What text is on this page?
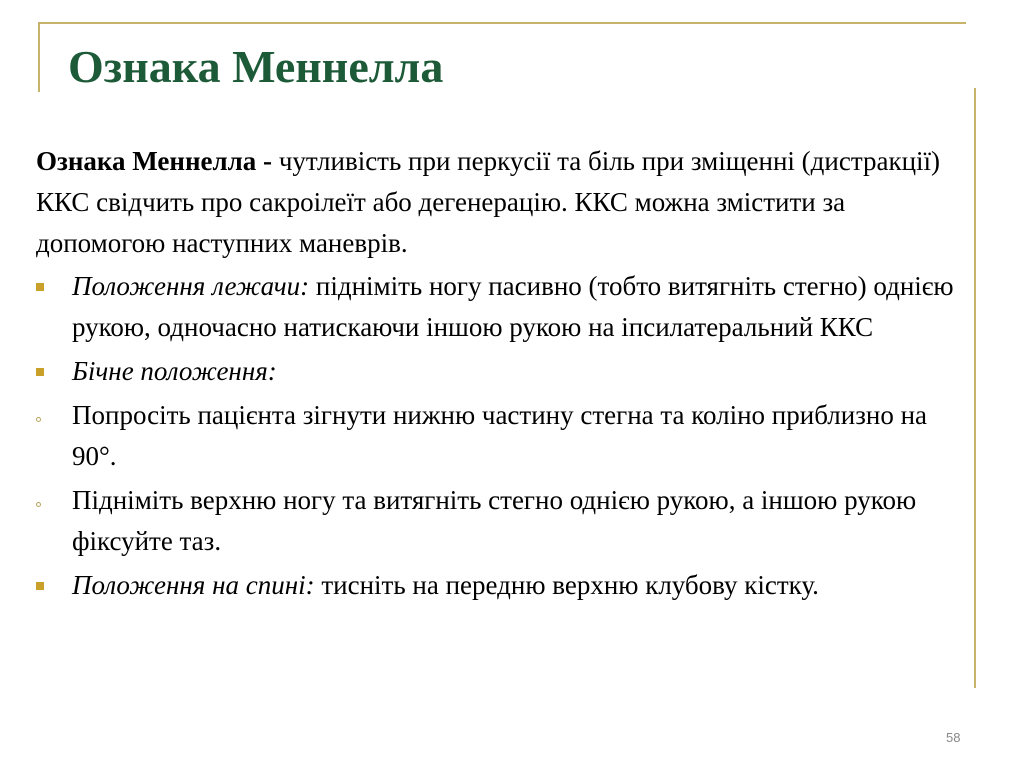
Ознака Меннелла

Ознака Меннелла - чутливість при перкусії та біль при зміщенні (дистракції) ККС свідчить про сакроілеїт або дегенерацію. ККС можна змістити за допомогою наступних маневрів.

Положення лежачи: підніміть ногу пасивно (тобто витягніть стегно) однією рукою, одночасно натискаючи іншою рукою на іпсилатеральний ККС
Бічне положення:
Попросіть пацієнта зігнути нижню частину стегна та коліно приблизно на 90°.
Підніміть верхню ногу та витягніть стегно однією рукою, а іншою рукою фіксуйте таз.
Положення на спині: тисніть на передню верхню клубову кістку.
58
